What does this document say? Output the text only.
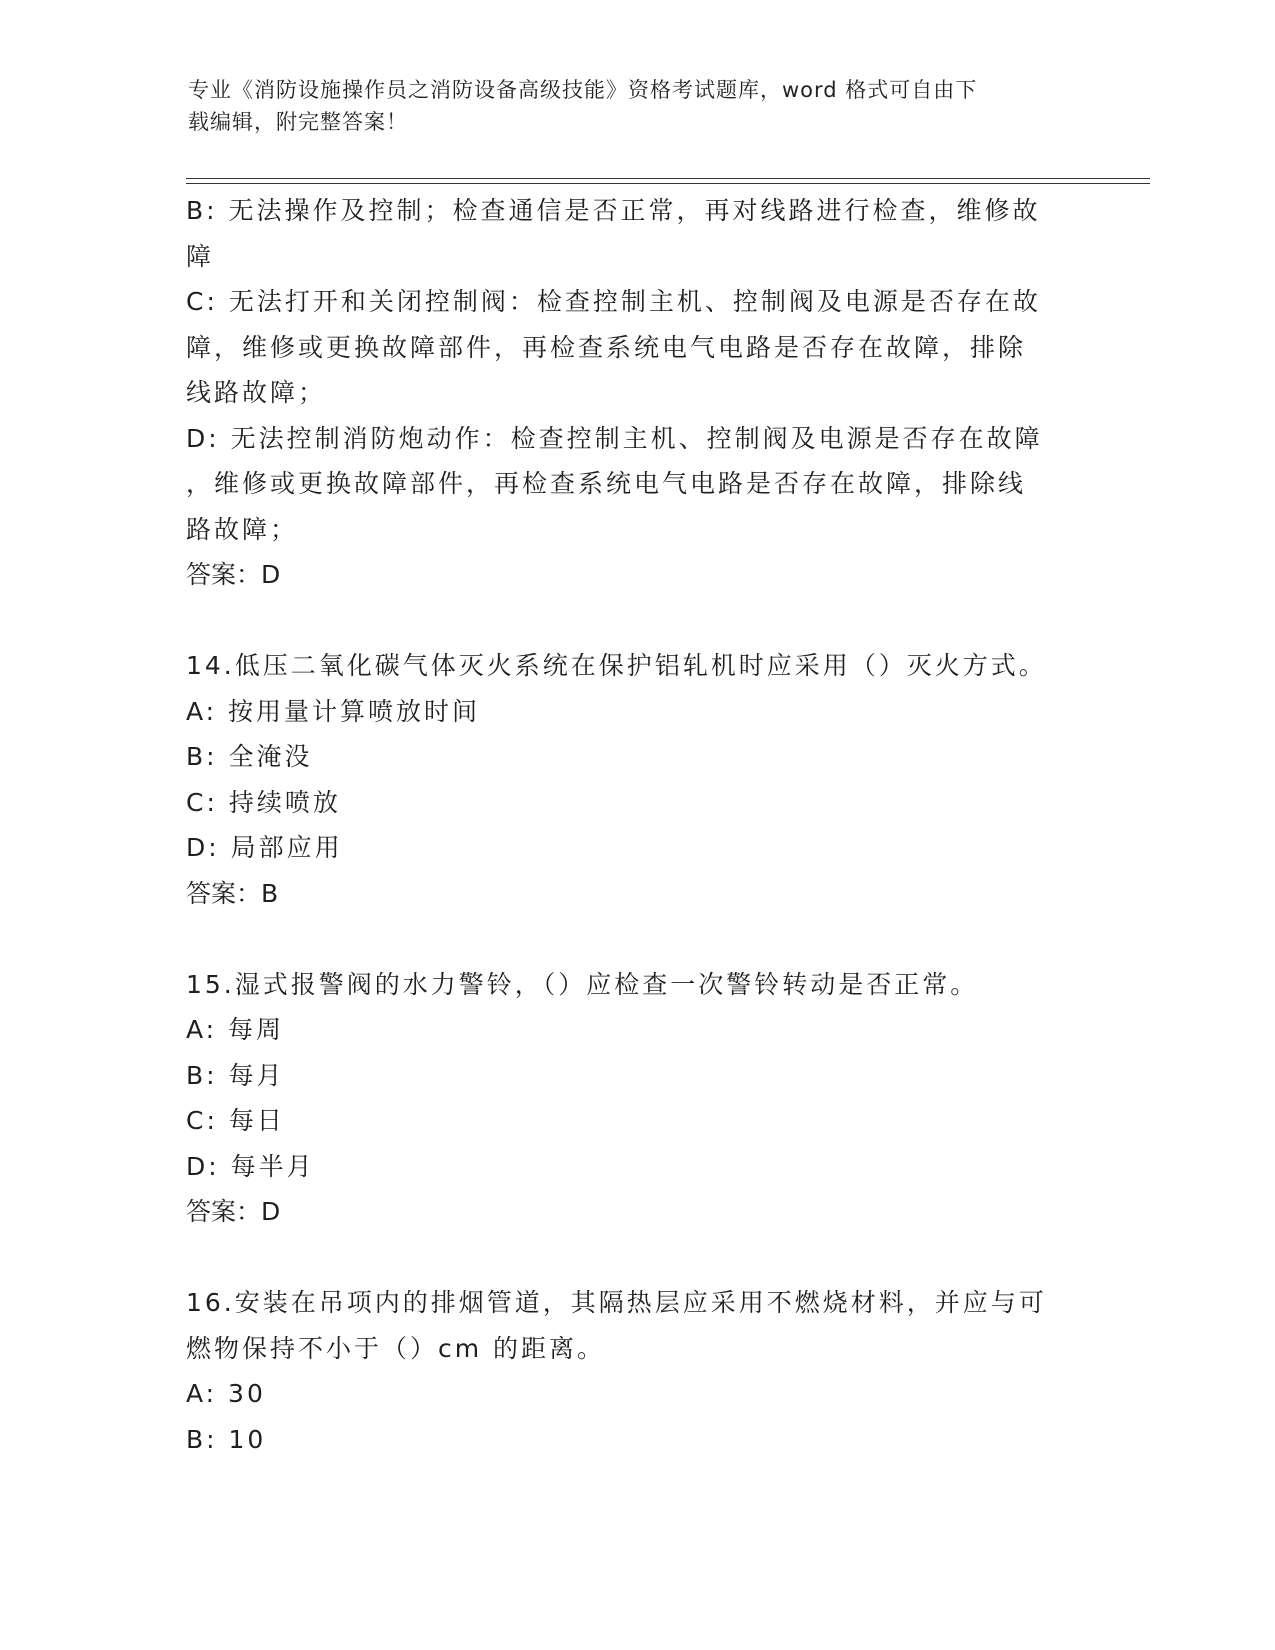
专业《消防设施操作员之消防设备高级技能》资格考试题库，word 格式可自由下
载编辑，附完整答案！
B: 无法操作及控制；检查通信是否正常，再对线路进行检查，维修故
障
C: 无法打开和关闭控制阀：检查控制主机、控制阀及电源是否存在故
障，维修或更换故障部件，再检查系统电气电路是否存在故障，排除
线路故障；
D: 无法控制消防炮动作：检查控制主机、控制阀及电源是否存在故障
，维修或更换故障部件，再检查系统电气电路是否存在故障，排除线
路故障；
答案：D
14.低压二氧化碳气体灭火系统在保护铝轧机时应采用（）灭火方式。
A: 按用量计算喷放时间
B: 全淹没
C: 持续喷放
D: 局部应用
答案：B
15.湿式报警阀的水力警铃，（）应检查一次警铃转动是否正常。
A: 每周
B: 每月
C: 每日
D: 每半月
答案：D
16.安装在吊项内的排烟管道，其隔热层应采用不燃烧材料，并应与可
燃物保持不小于（）cm 的距离。
A: 30
B: 10
